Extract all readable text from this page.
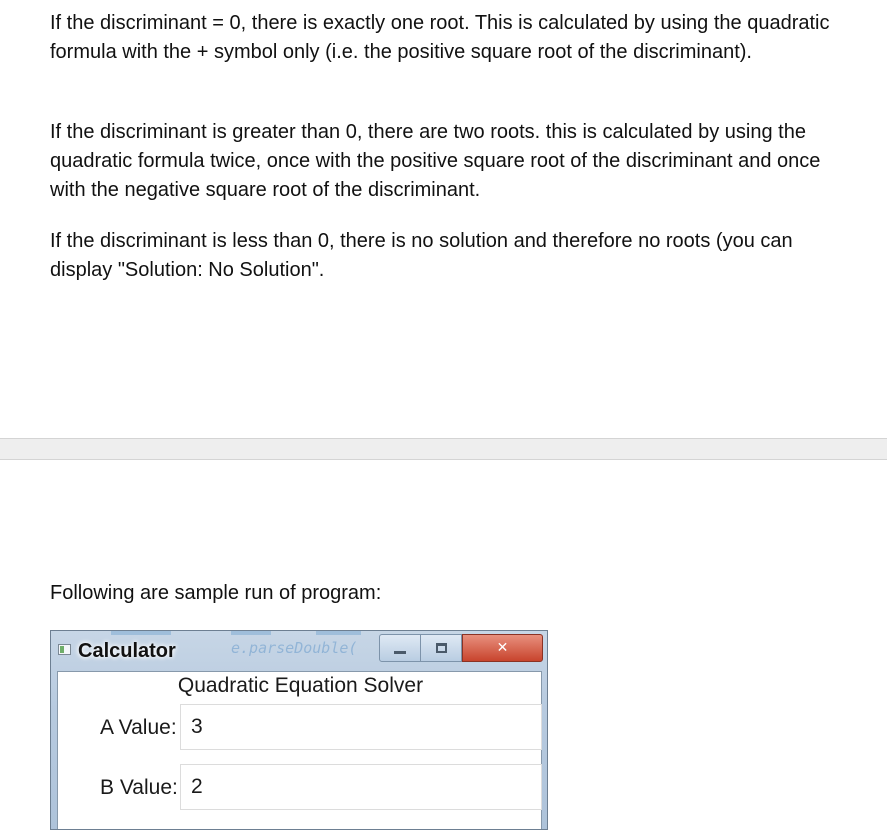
If the discriminant = 0, there is exactly one root. This is calculated by using the quadratic formula with the + symbol only (i.e. the positive square root of the discriminant).

If the discriminant is greater than 0, there are two roots. this is calculated by using the quadratic formula twice, once with the positive square root of the discriminant and once with the negative square root of the discriminant.

If the discriminant is less than 0, there is no solution and therefore no roots (you can display "Solution: No Solution".

Following are sample run of program:

e.parseDouble(
Calculator	✕
Quadratic Equation Solver
A Value:
3
B Value:
2
